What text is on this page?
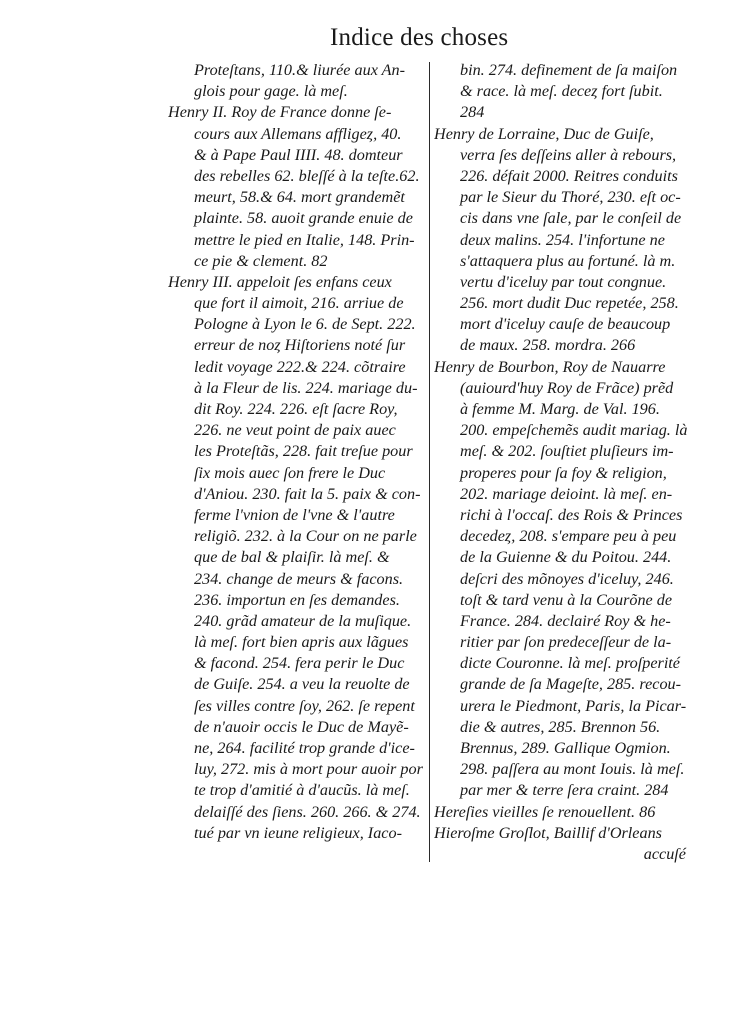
Indice des choses
Proteſtans, 110.& liurée aux An-
glois pour gage. là meſ.
Henry II. Roy de France donne ſe-
cours aux Allemans affligeȥ, 40.
& à Pape Paul IIII. 48. domteur
des rebelles 62. bleſſé à la teſte.62.
meurt, 58.& 64. mort grandemẽt
plainte. 58. auoit grande enuie de
mettre le pied en Italie, 148. Prin-
ce pie & clement. 82
Henry III. appeloit ſes enfans ceux
que fort il aimoit, 216. arriue de
Pologne à Lyon le 6. de Sept. 222.
erreur de noȥ Hiſtoriens noté ſur
ledit voyage 222.& 224. cõtraire
à la Fleur de lis. 224. mariage du-
dit Roy. 224. 226. eſt ſacre Roy,
226. ne veut point de paix auec
les Proteſtãs, 228. fait treſue pour
ſix mois auec ſon frere le Duc
d'Aniou. 230. fait la 5. paix & con-
ferme l'vnion de l'vne & l'autre
religiõ. 232. à la Cour on ne parle
que de bal & plaiſir. là meſ. &
234. change de meurs & facons.
236. importun en ſes demandes.
240. grãd amateur de la muſique.
là meſ. fort bien apris aux lãgues
& facond. 254. fera perir le Duc
de Guiſe. 254. a veu la reuolte de
ſes villes contre ſoy, 262. ſe repent
de n'auoir occis le Duc de Mayẽ-
ne, 264. facilité trop grande d'ice-
luy, 272. mis à mort pour auoir por
te trop d'amitié à d'aucũs. là meſ.
delaiſſé des ſiens. 260. 266. & 274.
tué par vn ieune religieux, Iaco-
bin. 274. definement de ſa maiſon
& race. là meſ. deceȥ fort ſubit.
284
Henry de Lorraine, Duc de Guiſe,
verra ſes deſſeins aller à rebours,
226. défait 2000. Reitres conduits
par le Sieur du Thoré, 230. eſt oc-
cis dans vne ſale, par le conſeil de
deux malins. 254. l'infortune ne
s'attaquera plus au fortuné. là m.
vertu d'iceluy par tout congnue.
256. mort dudit Duc repetée, 258.
mort d'iceluy cauſe de beaucoup
de maux. 258. mordra. 266
Henry de Bourbon, Roy de Nauarre
(auiourd'huy Roy de Frãce) prẽd
à femme M. Marg. de Val. 196.
200. empeſchemẽs audit mariag. là
meſ. & 202. ſouſtiet pluſieurs im-
properes pour ſa foy & religion,
202. mariage deioint. là meſ. en-
richi à l'occaſ. des Rois & Princes
decedeȥ, 208. s'empare peu à peu
de la Guienne & du Poitou. 244.
deſcri des mõnoyes d'iceluy, 246.
toſt & tard venu à la Courõne de
France. 284. declairé Roy & he-
ritier par ſon predeceſſeur de la-
dicte Couronne. là meſ. proſperité
grande de ſa Mageſte, 285. recou-
urera le Piedmont, Paris, la Picar-
die & autres, 285. Brennon 56.
Brennus, 289. Gallique Ogmion.
298. paſſera au mont Iouis. là meſ.
par mer & terre ſera craint. 284
Hereſies vieilles ſe renouellent. 86
Hieroſme Groſlot, Baillif d'Orleans
accuſé
